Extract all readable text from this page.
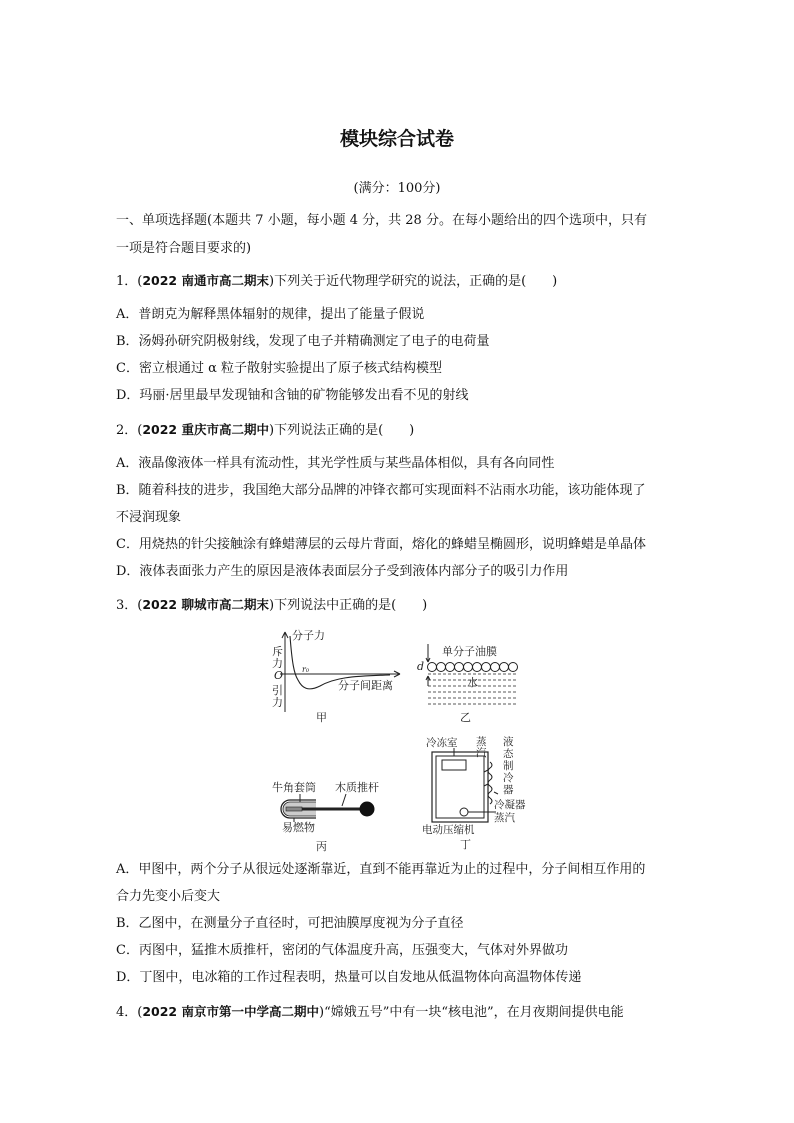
模块综合试卷
(满分：100分)
一、单项选择题(本题共 7 小题，每小题 4 分，共 28 分。在每小题给出的四个选项中，只有
一项是符合题目要求的)
1．(2022 南通市高二期末)下列关于近代物理学研究的说法，正确的是(　　)
A．普朗克为解释黑体辐射的规律，提出了能量子假说
B．汤姆孙研究阴极射线，发现了电子并精确测定了电子的电荷量
C．密立根通过 α 粒子散射实验提出了原子核式结构模型
D．玛丽·居里最早发现铀和含铀的矿物能够发出看不见的射线
2．(2022 重庆市高二期中)下列说法正确的是(　　)
A．液晶像液体一样具有流动性，其光学性质与某些晶体相似，具有各向同性
B．随着科技的进步，我国绝大部分品牌的冲锋衣都可实现面料不沾雨水功能，该功能体现了
不浸润现象
C．用烧热的针尖接触涂有蜂蜡薄层的云母片背面，熔化的蜂蜡呈椭圆形，说明蜂蜡是单晶体
D．液体表面张力产生的原因是液体表面层分子受到液体内部分子的吸引力作用
3．(2022 聊城市高二期末)下列说法中正确的是(　　)
分子力
斥
力
O r₀
引
力
分子间距离
甲
单分子油膜
d
水
乙
牛角套筒 木质推杆
易燃物
丙
冷冻室 蒸
汽
液
态
制
冷
器
冷凝器
蒸汽
电动压缩机
丁
A．甲图中，两个分子从很远处逐渐靠近，直到不能再靠近为止的过程中，分子间相互作用的
合力先变小后变大
B．乙图中，在测量分子直径时，可把油膜厚度视为分子直径
C．丙图中，猛推木质推杆，密闭的气体温度升高，压强变大，气体对外界做功
D．丁图中，电冰箱的工作过程表明，热量可以自发地从低温物体向高温物体传递
4．(2022 南京市第一中学高二期中)“嫦娥五号”中有一块“核电池”，在月夜期间提供电能
